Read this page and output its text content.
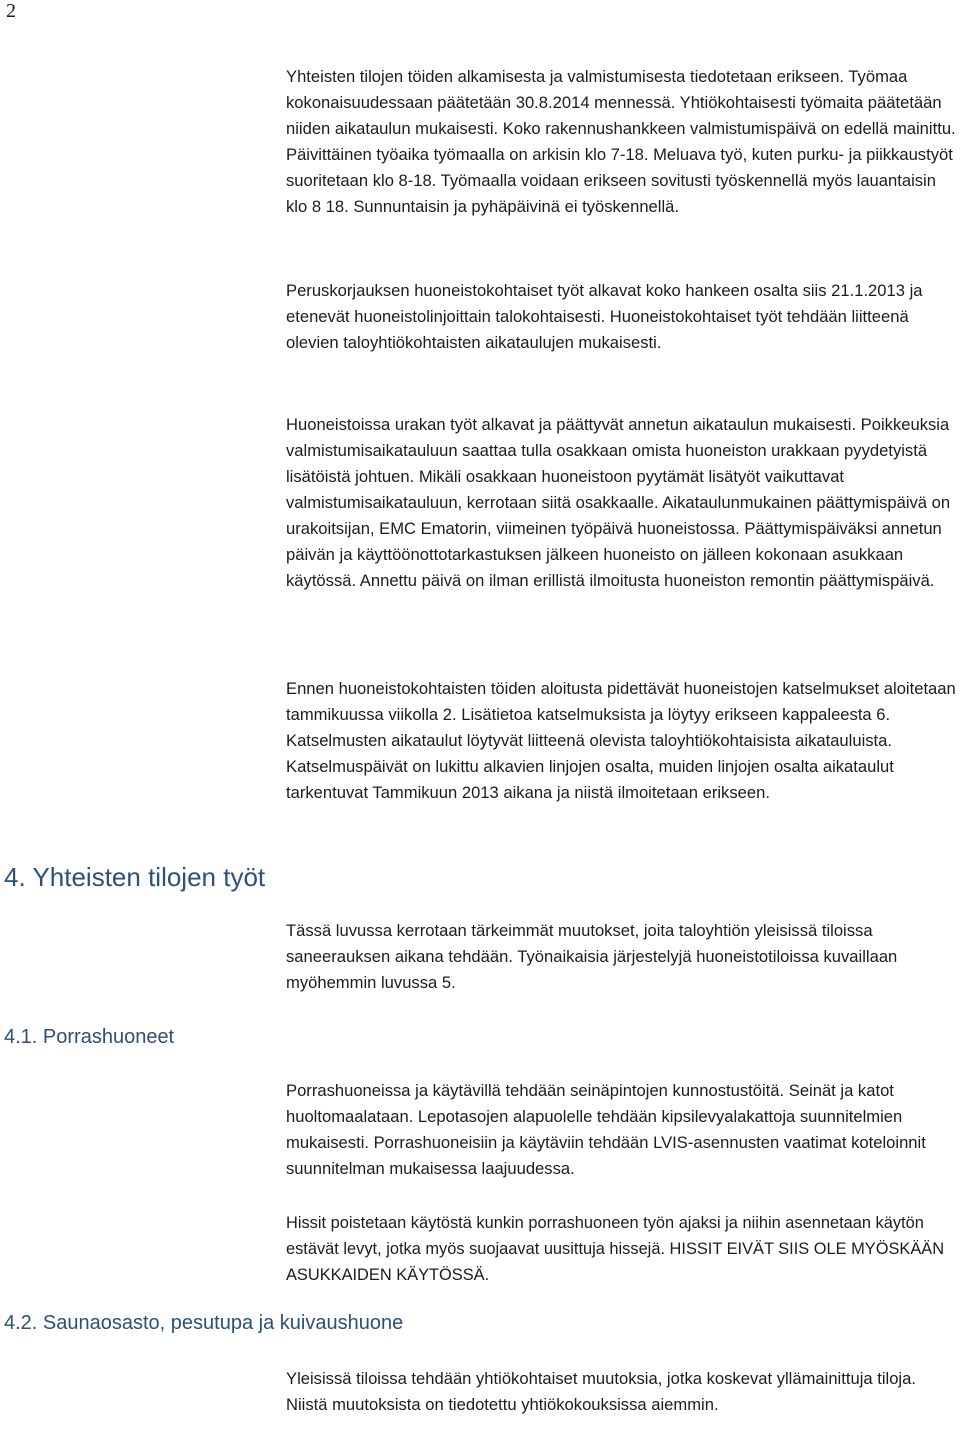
2

Yhteisten tilojen töiden alkamisesta ja valmistumisesta tiedotetaan erikseen. Työmaa kokonaisuudessaan päätetään 30.8.2014 mennessä. Yhtiökohtaisesti työmaita päätetään niiden aikataulun mukaisesti. Koko rakennushankkeen valmistumispäivä on edellä mainittu. Päivittäinen työaika työmaalla on arkisin klo 7-18. Meluava työ, kuten purku- ja piikkaustyöt suoritetaan klo 8-18. Työmaalla voidaan erikseen sovitusti työskennellä myös lauantaisin klo 8 18. Sunnuntaisin ja pyhäpäivinä ei työskennellä.

Peruskorjauksen huoneistokohtaiset työt alkavat koko hankeen osalta siis 21.1.2013 ja etenevät huoneistolinjoittain talokohtaisesti. Huoneistokohtaiset työt tehdään liitteenä olevien taloyhtiökohtaisten aikataulujen mukaisesti.

Huoneistoissa urakan työt alkavat ja päättyvät annetun aikataulun mukaisesti. Poikkeuksia valmistumisaikatauluun saattaa tulla osakkaan omista huoneiston urakkaan pyydetyistä lisätöistä johtuen. Mikäli osakkaan huoneistoon pyytämät lisätyöt vaikuttavat valmistumisaikatauluun, kerrotaan siitä osakkaalle. Aikataulunmukainen päättymispäivä on urakoitsijan, EMC Ematorin, viimeinen työpäivä huoneistossa. Päättymispäiväksi annetun päivän ja käyttöönottotarkastuksen jälkeen huoneisto on jälleen kokonaan asukkaan käytössä. Annettu päivä on ilman erillistä ilmoitusta huoneiston remontin päättymispäivä.

Ennen huoneistokohtaisten töiden aloitusta pidettävät huoneistojen katselmukset aloitetaan tammikuussa viikolla 2. Lisätietoa katselmuksista ja löytyy erikseen kappaleesta 6. Katselmusten aikataulut löytyvät liitteenä olevista taloyhtiökohtaisista aikatauluista. Katselmuspäivät on lukittu alkavien linjojen osalta, muiden linjojen osalta aikataulut tarkentuvat Tammikuun 2013 aikana ja niistä ilmoitetaan erikseen.

4. Yhteisten tilojen työt

Tässä luvussa kerrotaan tärkeimmät muutokset, joita taloyhtiön yleisissä tiloissa saneerauksen aikana tehdään. Työnaikaisia järjestelyjä huoneistotiloissa kuvaillaan myöhemmin luvussa 5.

4.1. Porrashuoneet

Porrashuoneissa ja käytävillä tehdään seinäpintojen kunnostustöitä. Seinät ja katot huoltomaalataan. Lepotasojen alapuolelle tehdään kipsilevyalakattoja suunnitelmien mukaisesti. Porrashuoneisiin ja käytäviin tehdään LVIS-asennusten vaatimat koteloinnit suunnitelman mukaisessa laajuudessa.

Hissit poistetaan käytöstä kunkin porrashuoneen työn ajaksi ja niihin asennetaan käytön estävät levyt, jotka myös suojaavat uusittuja hissejä. HISSIT EIVÄT SIIS OLE MYÖSKÄÄN ASUKKAIDEN KÄYTÖSSÄ.

4.2. Saunaosasto, pesutupa ja kuivaushuone

Yleisissä tiloissa tehdään yhtiökohtaiset muutoksia, jotka koskevat yllämainittuja tiloja. Niistä muutoksista on tiedotettu yhtiökokouksissa aiemmin.
